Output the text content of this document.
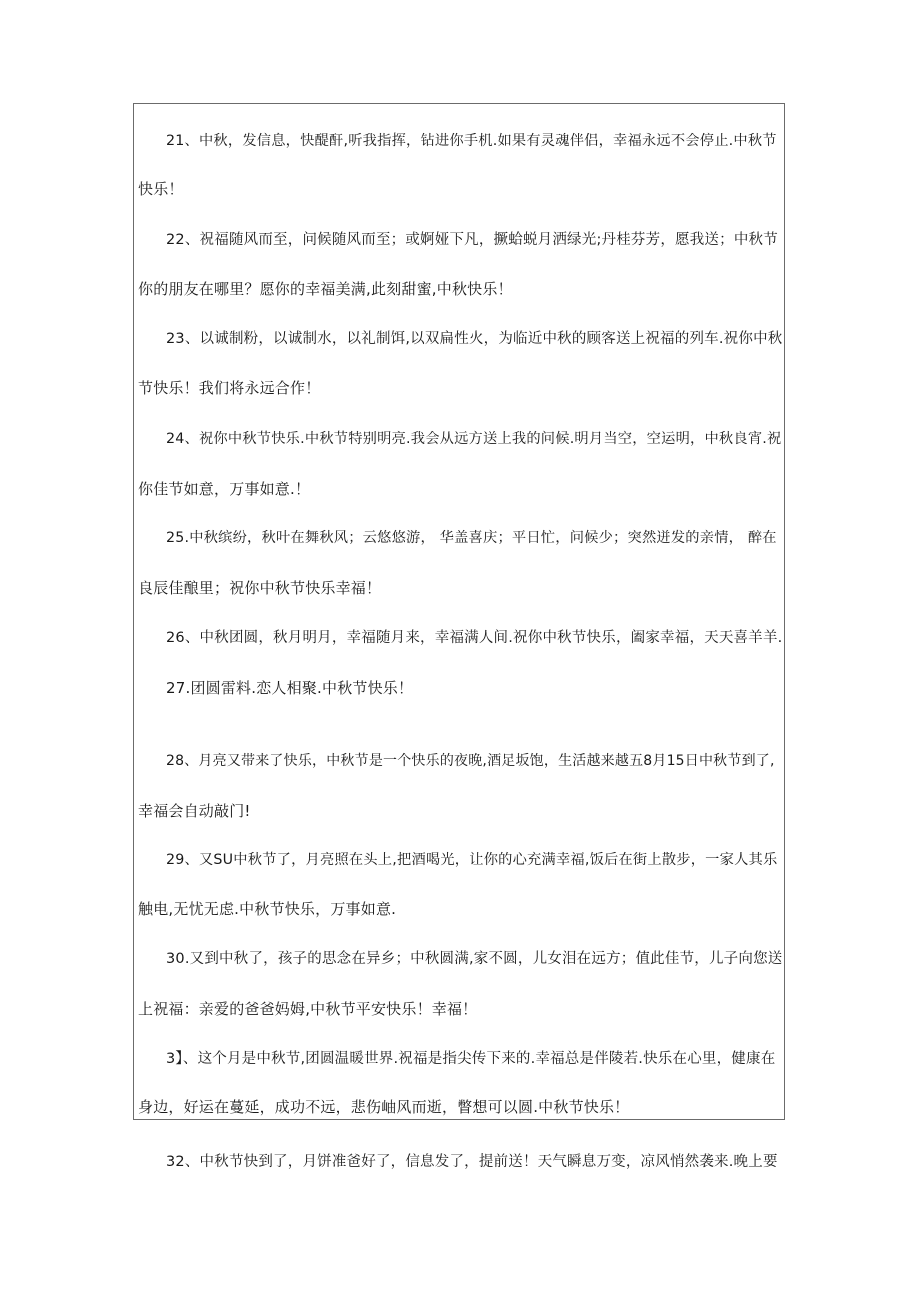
21、中秋，发信息，快醍酐,听我指挥，钻进你手机.如果有灵魂伴侣，幸福永远不会停止.中秋节
快乐！
22、祝福随风而至，问候随风而至；或婀娅下凡，撅蛤蜕月洒绿光;丹桂芬芳，愿我送；中秋节
你的朋友在哪里？愿你的幸福美满,此刻甜蜜,中秋快乐！
23、以诚制粉，以诚制水，以礼制饵,以双扁性火，为临近中秋的顾客送上祝福的列车.祝你中秋
节快乐！我们将永远合作！
24、祝你中秋节快乐.中秋节特别明亮.我会从远方送上我的问候.明月当空，空运明，中秋良宵.祝
你佳节如意，万事如意.！
25.中秋缤纷，秋叶在舞秋风；云悠悠游， 华盖喜庆；平日忙，问候少；突然迸发的亲情， 醉在
良辰佳酿里；祝你中秋节快乐幸福！
26、中秋团圆，秋月明月，幸福随月来，幸福满人间.祝你中秋节快乐，阖家幸福，天天喜羊羊.
27.团圆雷料.恋人相聚.中秋节快乐！
28、月亮又带来了快乐，中秋节是一个快乐的夜晚,酒足坂饱，生活越来越五8月15日中秋节到了,
幸福会自动敲门!
29、又SU中秋节了，月亮照在头上,把酒喝光，让你的心充满幸福,饭后在街上散步，一家人其乐
触电,无忧无虑.中秋节快乐，万事如意.
30.又到中秋了，孩子的思念在异乡；中秋圆满,家不圆，儿女泪在远方；值此佳节，儿子向您送
上祝福：亲爱的爸爸妈姆,中秋节平安快乐！幸福！
3】、这个月是中秋节,团圆温暖世界.祝福是指尖传下来的.幸福总是伴陵若.快乐在心里，健康在
身边，好运在蔓延，成功不远，悲伤岫风而逝，瞥想可以圆.中秋节快乐！
32、中秋节快到了，月饼准爸好了，信息发了，提前送！天气瞬息万变，凉风悄然袭来.晚上要
